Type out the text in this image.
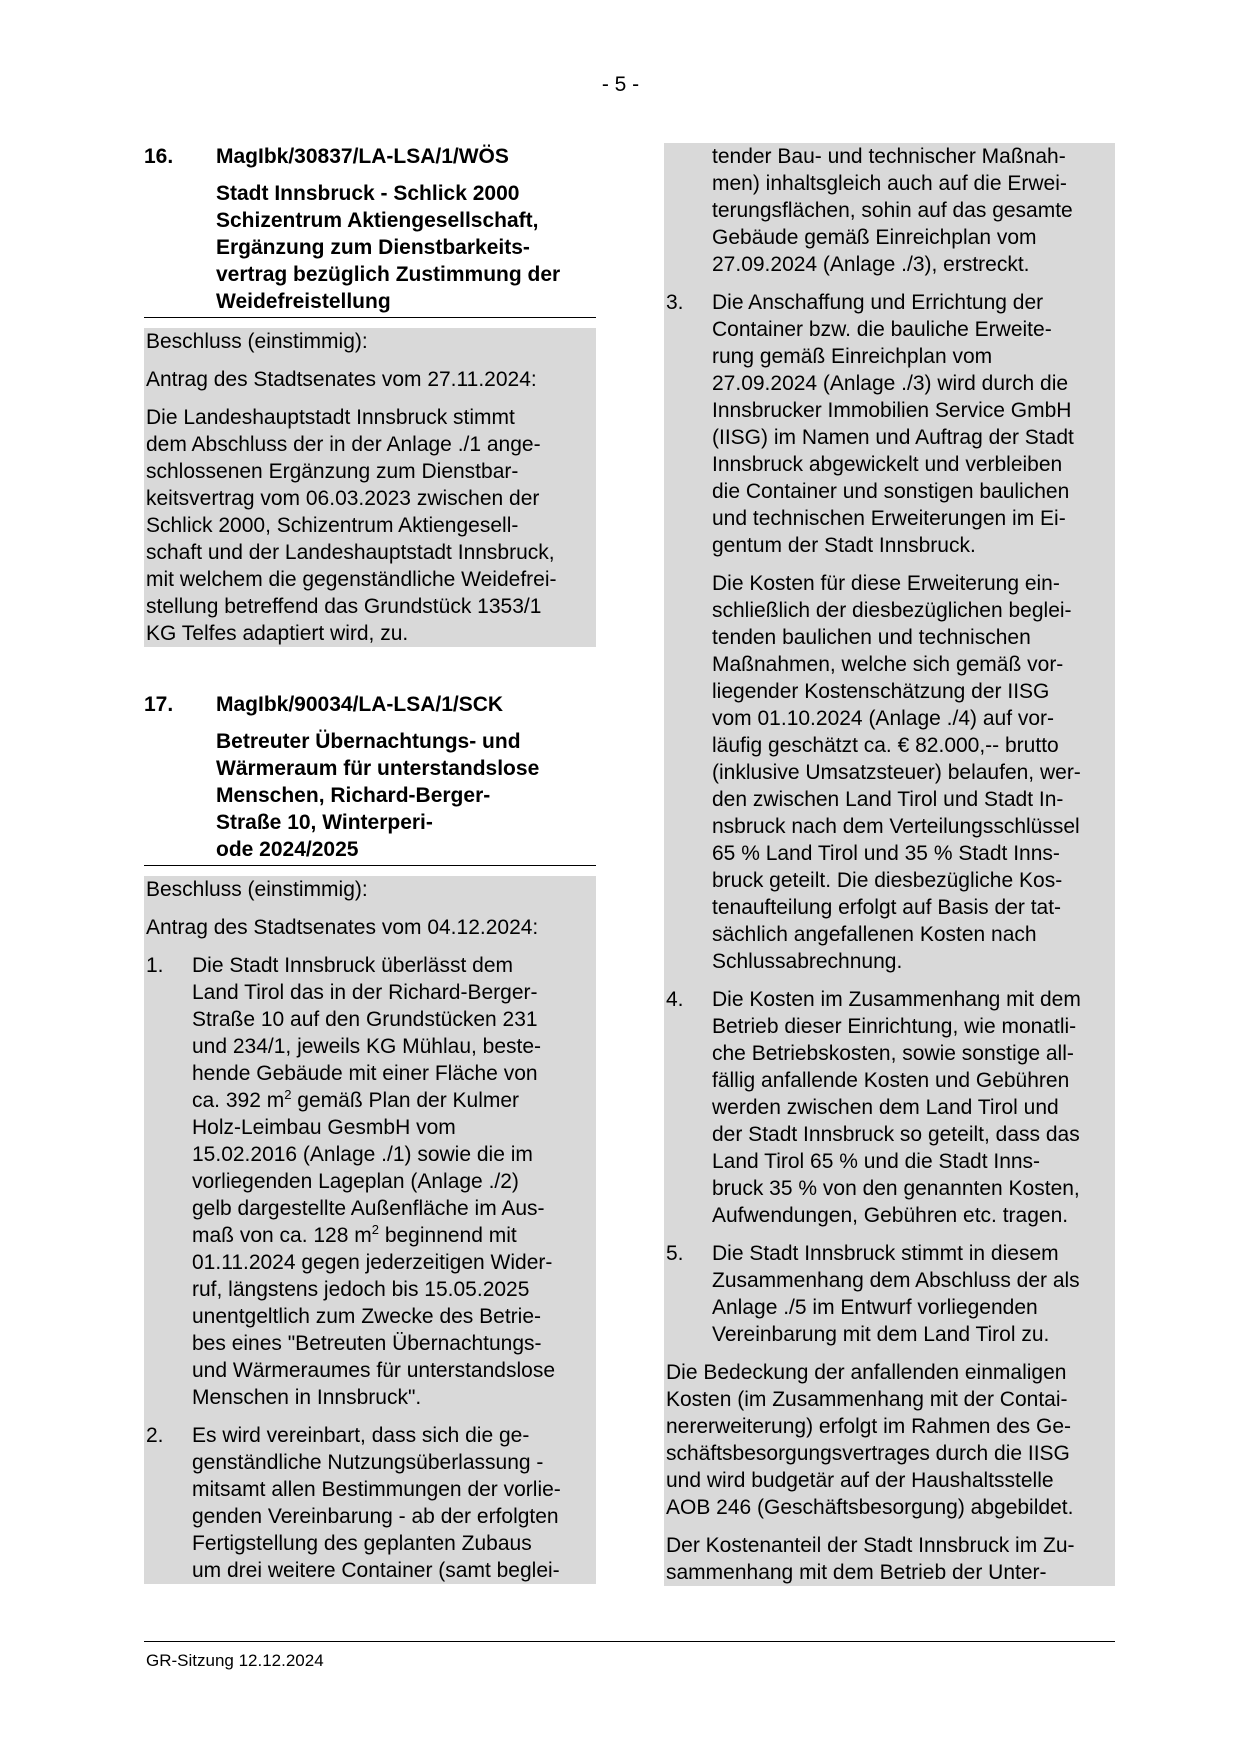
- 5 -
16.	MagIbk/30837/LA-LSA/1/WÖS
Stadt Innsbruck - Schlick 2000
Schizentrum Aktiengesellschaft,
Ergänzung zum Dienstbarkeits-
vertrag bezüglich Zustimmung der
Weidefreistellung

Beschluss (einstimmig):

Antrag des Stadtsenates vom 27.11.2024:

Die Landeshauptstadt Innsbruck stimmt
dem Abschluss der in der Anlage ./1 ange-
schlossenen Ergänzung zum Dienstbar-
keitsvertrag vom 06.03.2023 zwischen der
Schlick 2000, Schizentrum Aktiengesell-
schaft und der Landeshauptstadt Innsbruck,
mit welchem die gegenständliche Weidefrei-
stellung betreffend das Grundstück 1353/1
KG Telfes adaptiert wird, zu.

17.	MagIbk/90034/LA-LSA/1/SCK
Betreuter Übernachtungs- und
Wärmeraum für unterstandslose
Menschen, Richard-Berger-
Straße 10, Winterperi-
ode 2024/2025

Beschluss (einstimmig):

Antrag des Stadtsenates vom 04.12.2024:

1.	Die Stadt Innsbruck überlässt dem
Land Tirol das in der Richard-Berger-
Straße 10 auf den Grundstücken 231
und 234/1, jeweils KG Mühlau, beste-
hende Gebäude mit einer Fläche von
ca. 392 $m^2$ gemäß Plan der Kulmer
Holz-Leimbau GesmbH vom
15.02.2016 (Anlage ./1) sowie die im
vorliegenden Lageplan (Anlage ./2)
gelb dargestellte Außenfläche im Aus-
maß von ca. 128 $m^2$ beginnend mit
01.11.2024 gegen jederzeitigen Wider-
ruf, längstens jedoch bis 15.05.2025
unentgeltlich zum Zwecke des Betrie-
bes eines "Betreuten Übernachtungs-
und Wärmeraumes für unterstandslose
Menschen in Innsbruck".
2.	Es wird vereinbart, dass sich die ge-
genständliche Nutzungsüberlassung -
mitsamt allen Bestimmungen der vorlie-
genden Vereinbarung - ab der erfolgten
Fertigstellung des geplanten Zubaus
um drei weitere Container (samt beglei-
tender Bau- und technischer Maßnah-
men) inhaltsgleich auch auf die Erwei-
terungsflächen, sohin auf das gesamte
Gebäude gemäß Einreichplan vom
27.09.2024 (Anlage ./3), erstreckt.
3.	Die Anschaffung und Errichtung der
Container bzw. die bauliche Erweite-
rung gemäß Einreichplan vom
27.09.2024 (Anlage ./3) wird durch die
Innsbrucker Immobilien Service GmbH
(IISG) im Namen und Auftrag der Stadt
Innsbruck abgewickelt und verbleiben
die Container und sonstigen baulichen
und technischen Erweiterungen im Ei-
gentum der Stadt Innsbruck.
Die Kosten für diese Erweiterung ein-
schließlich der diesbezüglichen beglei-
tenden baulichen und technischen
Maßnahmen, welche sich gemäß vor-
liegender Kostenschätzung der IISG
vom 01.10.2024 (Anlage ./4) auf vor-
läufig geschätzt ca. € 82.000,-- brutto
(inklusive Umsatzsteuer) belaufen, wer-
den zwischen Land Tirol und Stadt In-
nsbruck nach dem Verteilungsschlüssel
65 % Land Tirol und 35 % Stadt Inns-
bruck geteilt. Die diesbezügliche Kos-
tenaufteilung erfolgt auf Basis der tat-
sächlich angefallenen Kosten nach
Schlussabrechnung.
4.	Die Kosten im Zusammenhang mit dem
Betrieb dieser Einrichtung, wie monatli-
che Betriebskosten, sowie sonstige all-
fällig anfallende Kosten und Gebühren
werden zwischen dem Land Tirol und
der Stadt Innsbruck so geteilt, dass das
Land Tirol 65 % und die Stadt Inns-
bruck 35 % von den genannten Kosten,
Aufwendungen, Gebühren etc. tragen.
5.	Die Stadt Innsbruck stimmt in diesem
Zusammenhang dem Abschluss der als
Anlage ./5 im Entwurf vorliegenden
Vereinbarung mit dem Land Tirol zu.

Die Bedeckung der anfallenden einmaligen
Kosten (im Zusammenhang mit der Contai-
nererweiterung) erfolgt im Rahmen des Ge-
schäftsbesorgungsvertrages durch die IISG
und wird budgetär auf der Haushaltsstelle
AOB 246 (Geschäftsbesorgung) abgebildet.

Der Kostenanteil der Stadt Innsbruck im Zu-
sammenhang mit dem Betrieb der Unter-

GR-Sitzung 12.12.2024
